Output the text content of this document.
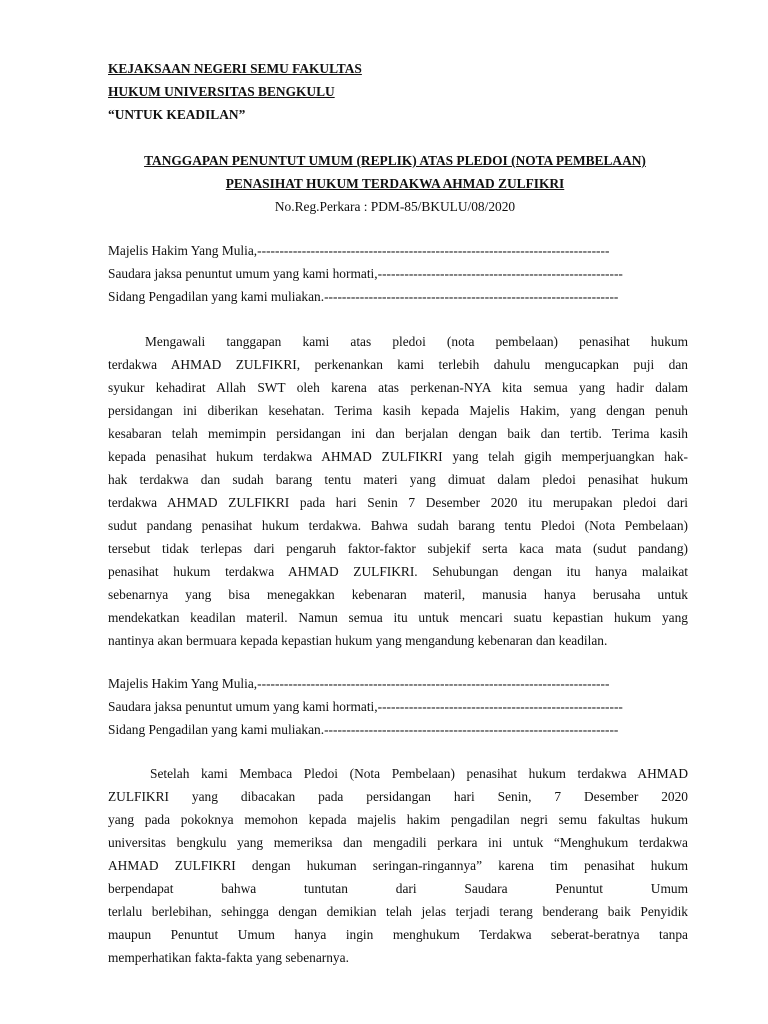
KEJAKSAAN NEGERI SEMU FAKULTAS
HUKUM UNIVERSITAS BENGKULU
“UNTUK KEADILAN”
TANGGAPAN PENUNTUT UMUM (REPLIK) ATAS PLEDOI (NOTA PEMBELAAN)
PENASIHAT HUKUM TERDAKWA AHMAD ZULFIKRI
No.Reg.Perkara : PDM-85/BKULU/08/2020
Majelis Hakim Yang Mulia,-------------------------------------------------------------------------------
Saudara jaksa penuntut umum yang kami hormati,-------------------------------------------------------
Sidang Pengadilan yang kami muliakan.------------------------------------------------------------------
Mengawali tanggapan kami atas pledoi (nota pembelaan) penasihat hukum
terdakwa AHMAD ZULFIKRI, perkenankan kami terlebih dahulu mengucapkan puji dan
syukur kehadirat Allah SWT oleh karena atas perkenan-NYA kita semua yang hadir dalam
persidangan ini diberikan kesehatan. Terima kasih kepada Majelis Hakim, yang dengan penuh
kesabaran telah memimpin persidangan ini dan berjalan dengan baik dan tertib. Terima kasih
kepada penasihat hukum terdakwa AHMAD ZULFIKRI yang telah gigih memperjuangkan hak-
hak terdakwa dan sudah barang tentu materi yang dimuat dalam pledoi penasihat hukum
terdakwa AHMAD ZULFIKRI pada hari Senin 7 Desember 2020 itu merupakan pledoi dari
sudut pandang penasihat hukum terdakwa. Bahwa sudah barang tentu Pledoi (Nota Pembelaan)
tersebut tidak terlepas dari pengaruh faktor-faktor subjekif serta kaca mata (sudut pandang)
penasihat hukum terdakwa AHMAD ZULFIKRI. Sehubungan dengan itu hanya malaikat
sebenarnya yang bisa menegakkan kebenaran materil, manusia hanya berusaha untuk
mendekatkan keadilan materil. Namun semua itu untuk mencari suatu kepastian hukum yang
nantinya akan bermuara kepada kepastian hukum yang mengandung kebenaran dan keadilan.
Majelis Hakim Yang Mulia,-------------------------------------------------------------------------------
Saudara jaksa penuntut umum yang kami hormati,-------------------------------------------------------
Sidang Pengadilan yang kami muliakan.------------------------------------------------------------------
Setelah kami Membaca Pledoi (Nota Pembelaan) penasihat hukum terdakwa AHMAD
ZULFIKRI yang dibacakan pada persidangan hari Senin, 7 Desember 2020
yang pada pokoknya memohon kepada majelis hakim pengadilan negri semu fakultas hukum
universitas bengkulu yang memeriksa dan mengadili perkara ini untuk “Menghukum terdakwa
AHMAD ZULFIKRI dengan hukuman seringan-ringannya” karena tim penasihat hukum
berpendapat bahwa tuntutan dari Saudara Penuntut Umum
terlalu berlebihan, sehingga dengan demikian telah jelas terjadi terang benderang baik Penyidik
maupun Penuntut Umum hanya ingin menghukum Terdakwa seberat-beratnya tanpa
memperhatikan fakta-fakta yang sebenarnya.
